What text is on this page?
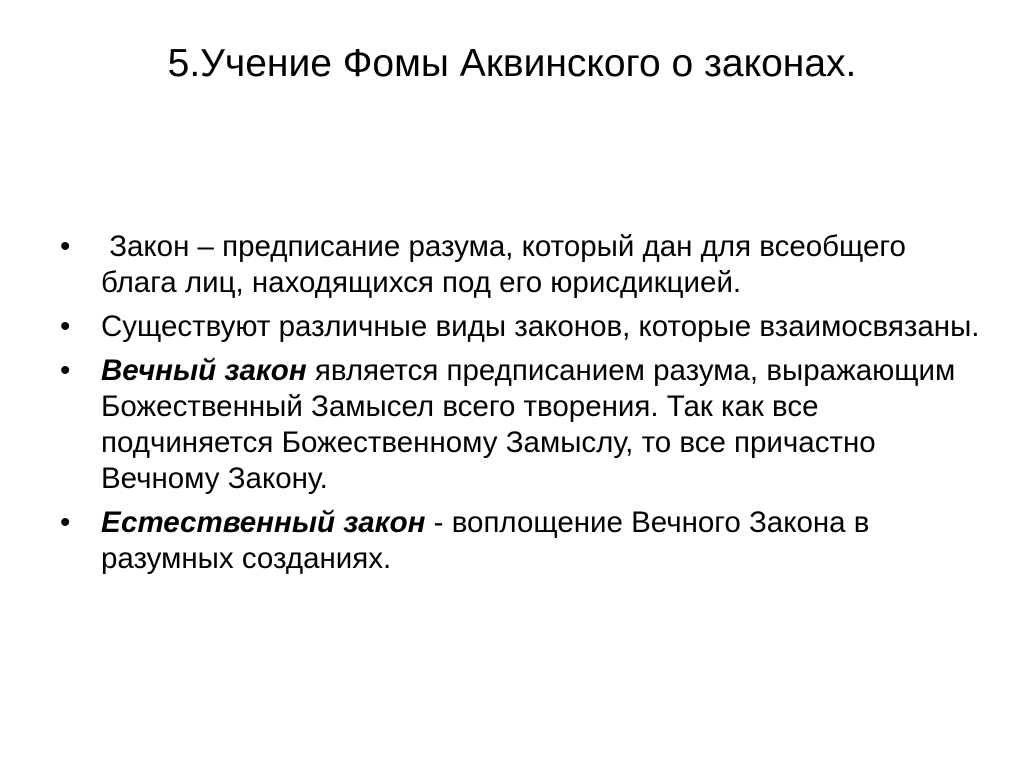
5.Учение Фомы Аквинского о законах.
• Закон – предписание разума, который дан для всеобщего блага лиц, находящихся под его юрисдикцией.
• Существуют различные виды законов, которые взаимосвязаны.
• Вечный закон является предписанием разума, выражающим Божественный Замысел всего творения. Так как все подчиняется Божественному Замыслу, то все причастно Вечному Закону.
• Естественный закон - воплощение Вечного Закона в разумных созданиях.
